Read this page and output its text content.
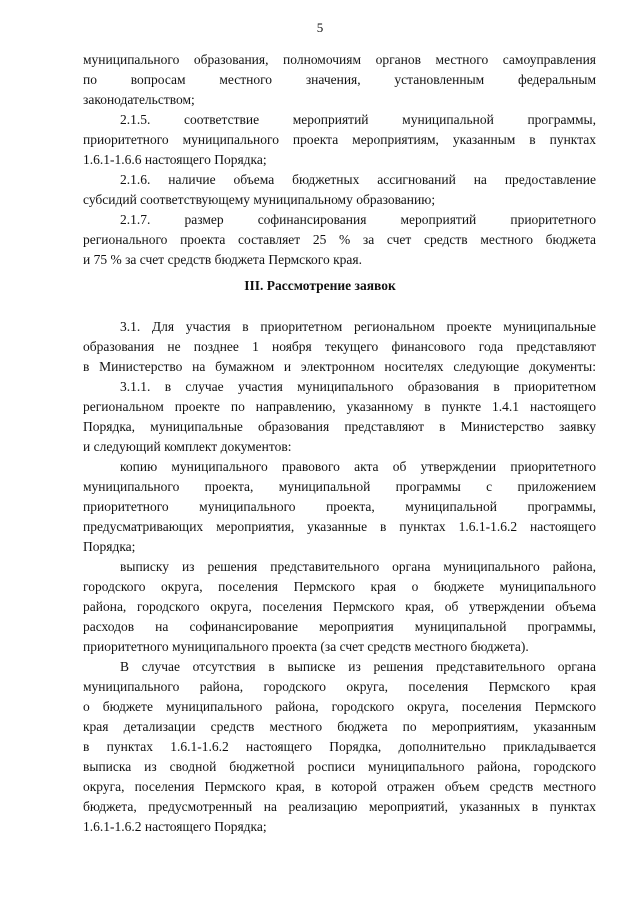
5
муниципального образования, полномочиям органов местного самоуправления
по вопросам местного значения, установленным федеральным
законодательством;
2.1.5. соответствие мероприятий муниципальной программы,
приоритетного муниципального проекта мероприятиям, указанным в пунктах
1.6.1-1.6.6 настоящего Порядка;
2.1.6. наличие объема бюджетных ассигнований на предоставление
субсидий соответствующему муниципальному образованию;
2.1.7. размер софинансирования мероприятий приоритетного
регионального проекта составляет 25 % за счет средств местного бюджета
и 75 % за счет средств бюджета Пермского края.
III. Рассмотрение заявок
3.1. Для участия в приоритетном региональном проекте муниципальные
образования не позднее 1 ноября текущего финансового года представляют
в Министерство на бумажном и электронном носителях следующие документы:
3.1.1. в случае участия муниципального образования в приоритетном
региональном проекте по направлению, указанному в пункте 1.4.1 настоящего
Порядка, муниципальные образования представляют в Министерство заявку
и следующий комплект документов:
копию муниципального правового акта об утверждении приоритетного
муниципального проекта, муниципальной программы с приложением
приоритетного муниципального проекта, муниципальной программы,
предусматривающих мероприятия, указанные в пунктах 1.6.1-1.6.2 настоящего
Порядка;
выписку из решения представительного органа муниципального района,
городского округа, поселения Пермского края о бюджете муниципального
района, городского округа, поселения Пермского края, об утверждении объема
расходов на софинансирование мероприятия муниципальной программы,
приоритетного муниципального проекта (за счет средств местного бюджета).
В случае отсутствия в выписке из решения представительного органа
муниципального района, городского округа, поселения Пермского края
о бюджете муниципального района, городского округа, поселения Пермского
края детализации средств местного бюджета по мероприятиям, указанным
в пунктах 1.6.1-1.6.2 настоящего Порядка, дополнительно прикладывается
выписка из сводной бюджетной росписи муниципального района, городского
округа, поселения Пермского края, в которой отражен объем средств местного
бюджета, предусмотренный на реализацию мероприятий, указанных в пунктах
1.6.1-1.6.2 настоящего Порядка;
